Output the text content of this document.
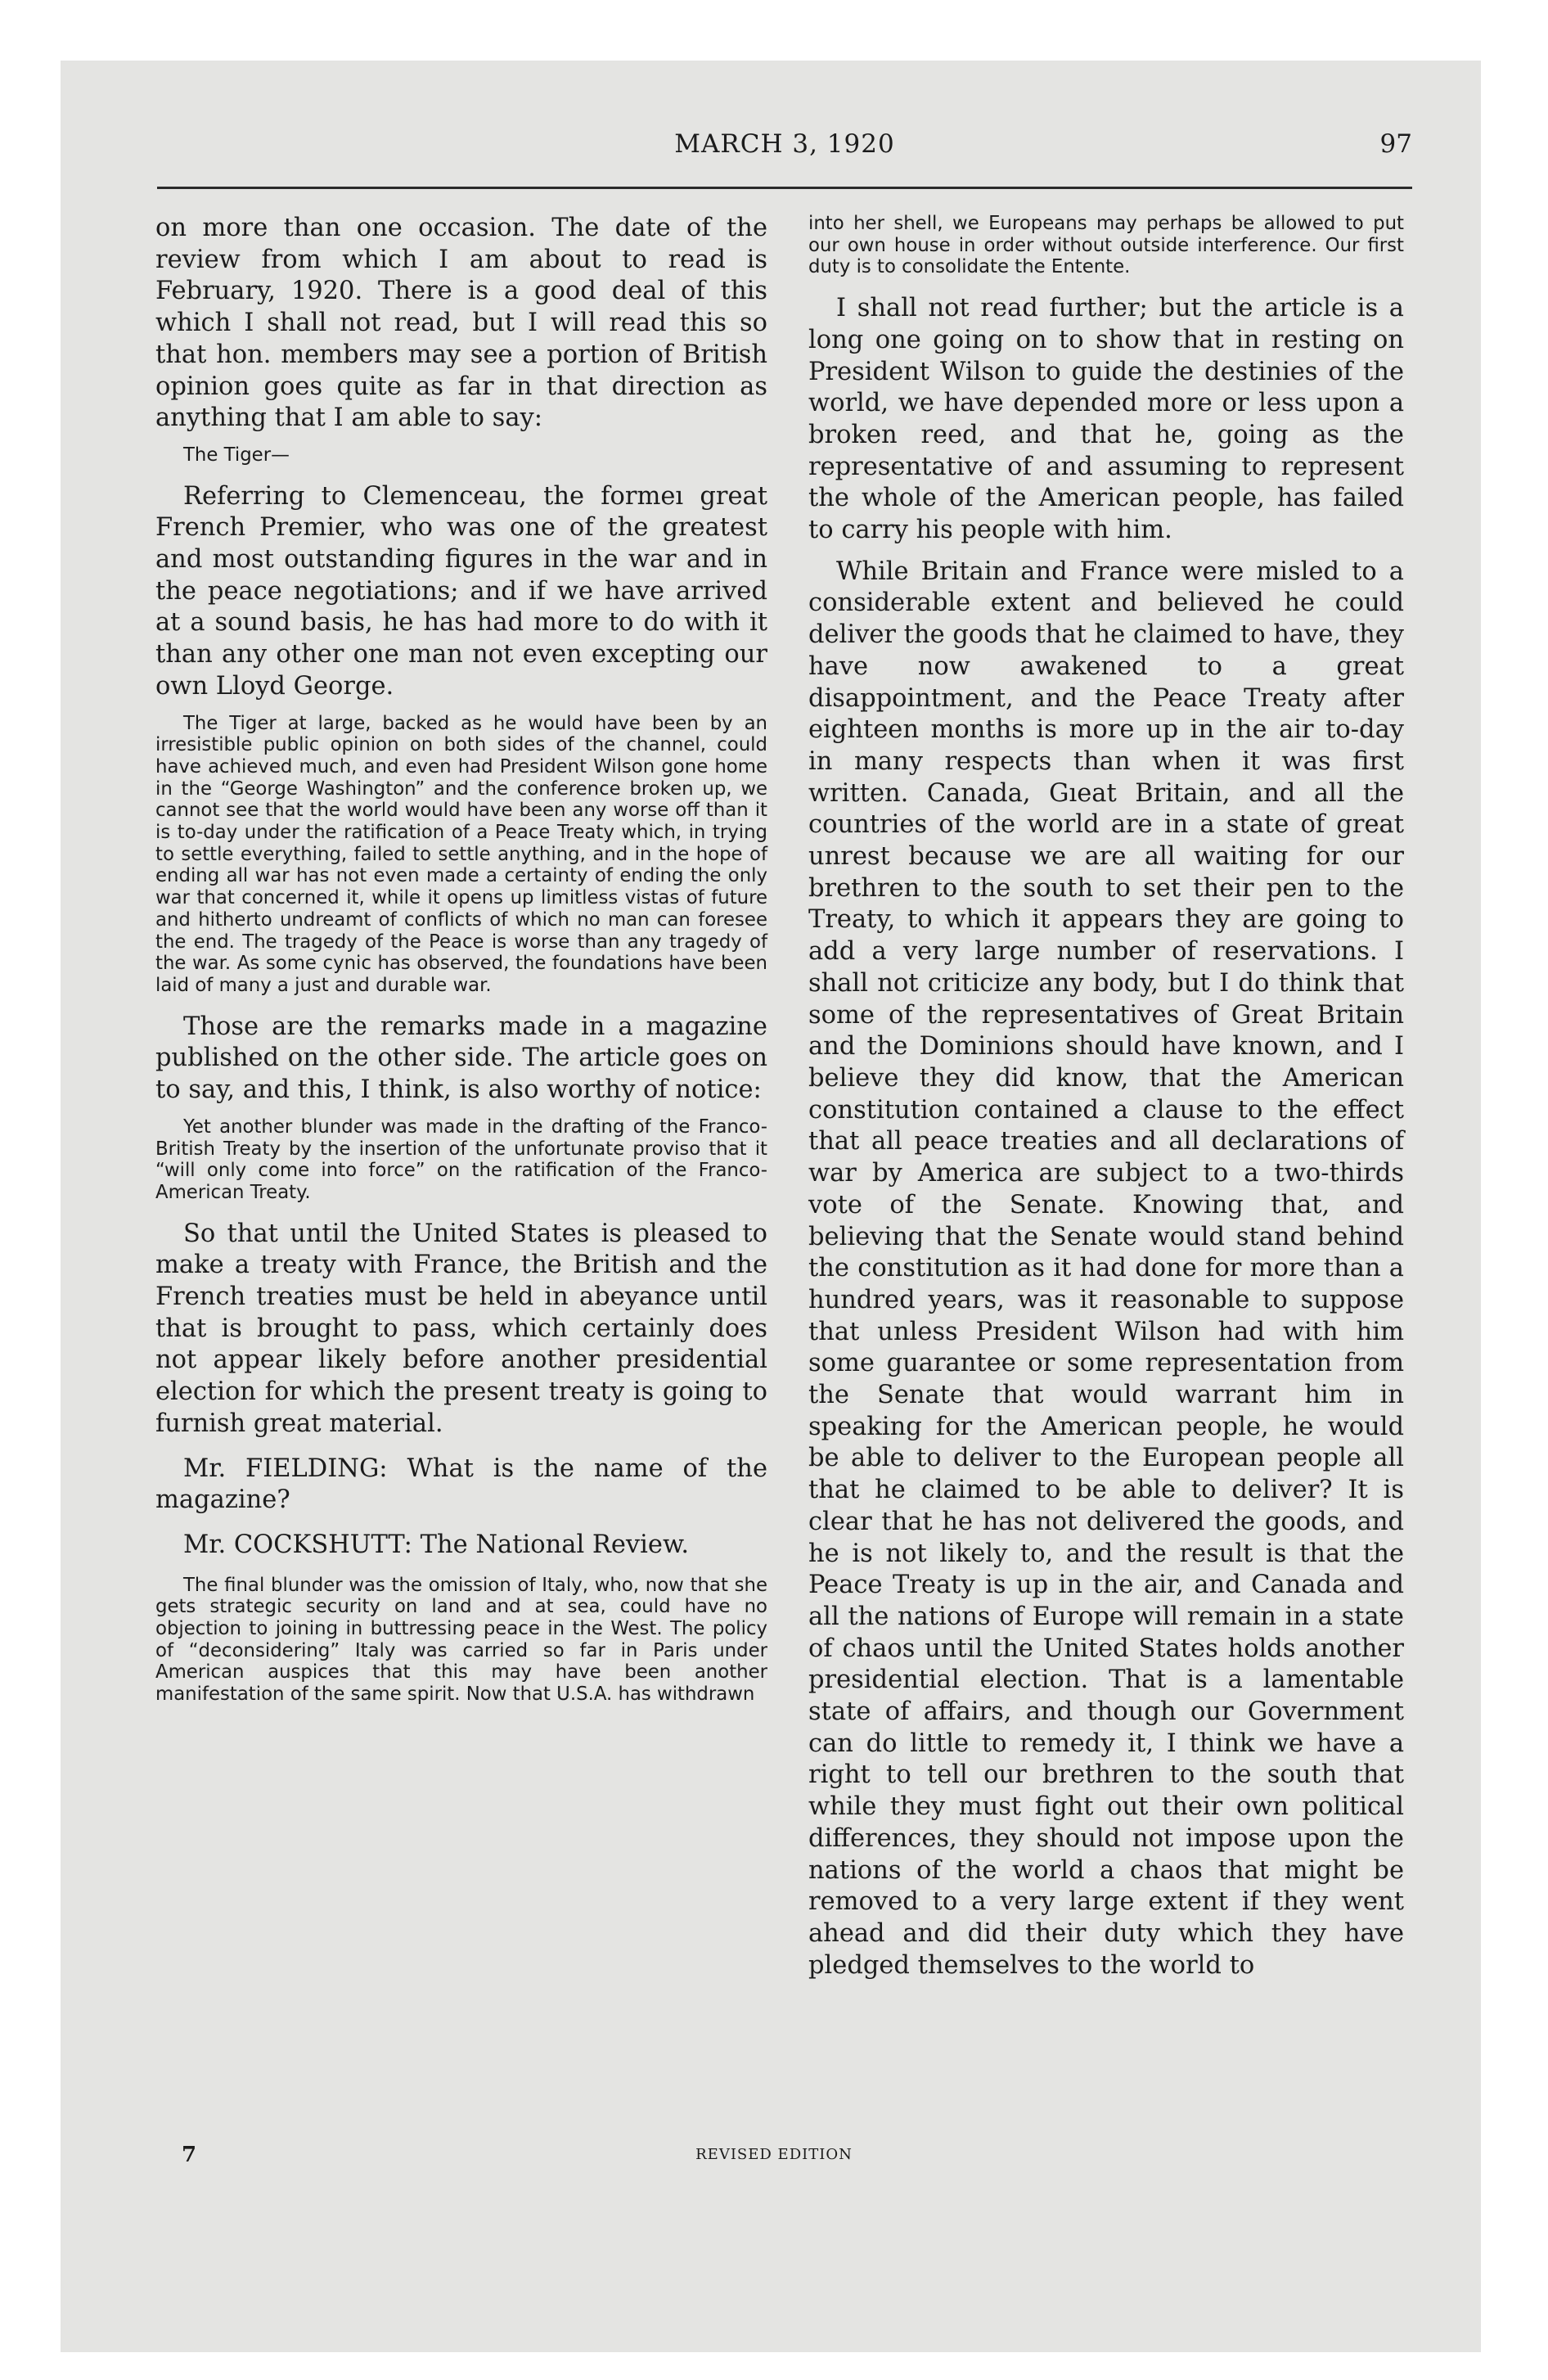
MARCH 3, 1920	97

on more than one occasion. The date of the review from which I am about to read is February, 1920. There is a good deal of this which I shall not read, but I will read this so that hon. members may see a portion of British opinion goes quite as far in that direction as anything that I am able to say:

The Tiger—

Referring to Clemenceau, the formeı great French Premier, who was one of the greatest and most outstanding figures in the war and in the peace negotiations; and if we have arrived at a sound basis, he has had more to do with it than any other one man not even excepting our own Lloyd George.

The Tiger at large, backed as he would have been by an irresistible public opinion on both sides of the channel, could have achieved much, and even had President Wilson gone home in the “George Washington” and the conference broken up, we cannot see that the world would have been any worse off than it is to-day under the ratification of a Peace Treaty which, in trying to settle everything, failed to settle anything, and in the hope of ending all war has not even made a certainty of ending the only war that concerned it, while it opens up limitless vistas of future and hitherto undreamt of conflicts of which no man can foresee the end. The tragedy of the Peace is worse than any tragedy of the war. As some cynic has observed, the foundations have been laid of many a just and durable war.

Those are the remarks made in a magazine published on the other side. The article goes on to say, and this, I think, is also worthy of notice:

Yet another blunder was made in the drafting of the Franco-British Treaty by the insertion of the unfortunate proviso that it “will only come into force” on the ratification of the Franco-American Treaty.

So that until the United States is pleased to make a treaty with France, the British and the French treaties must be held in abeyance until that is brought to pass, which certainly does not appear likely before another presidential election for which the present treaty is going to furnish great material.

Mr. FIELDING: What is the name of the magazine?

Mr. COCKSHUTT: The National Review.

The final blunder was the omission of Italy, who, now that she gets strategic security on land and at sea, could have no objection to joining in buttressing peace in the West. The policy of “deconsidering” Italy was carried so far in Paris under American auspices that this may have been another manifestation of the same spirit. Now that U.S.A. has withdrawn

into her shell, we Europeans may perhaps be allowed to put our own house in order without outside interference. Our first duty is to consolidate the Entente.

I shall not read further; but the article is a long one going on to show that in resting on President Wilson to guide the destinies of the world, we have depended more or less upon a broken reed, and that he, going as the representative of and assuming to represent the whole of the American people, has failed to carry his people with him.

While Britain and France were misled to a considerable extent and believed he could deliver the goods that he claimed to have, they have now awakened to a great disappointment, and the Peace Treaty after eighteen months is more up in the air to-day in many respects than when it was first written. Canada, Gıeat Britain, and all the countries of the world are in a state of great unrest because we are all waiting for our brethren to the south to set their pen to the Treaty, to which it appears they are going to add a very large number of reservations. I shall not criticize any body, but I do think that some of the representatives of Great Britain and the Dominions should have known, and I believe they did know, that the American constitution contained a clause to the effect that all peace treaties and all declarations of war by America are subject to a two-thirds vote of the Senate. Knowing that, and believing that the Senate would stand behind the constitution as it had done for more than a hundred years, was it reasonable to suppose that unless President Wilson had with him some guarantee or some representation from the Senate that would warrant him in speaking for the American people, he would be able to deliver to the European people all that he claimed to be able to deliver? It is clear that he has not delivered the goods, and he is not likely to, and the result is that the Peace Treaty is up in the air, and Canada and all the nations of Europe will remain in a state of chaos until the United States holds another presidential election. That is a lamentable state of affairs, and though our Government can do little to remedy it, I think we have a right to tell our brethren to the south that while they must fight out their own political differences, they should not impose upon the nations of the world a chaos that might be removed to a very large extent if they went ahead and did their duty which they have pledged themselves to the world to

7	REVISED EDITION
